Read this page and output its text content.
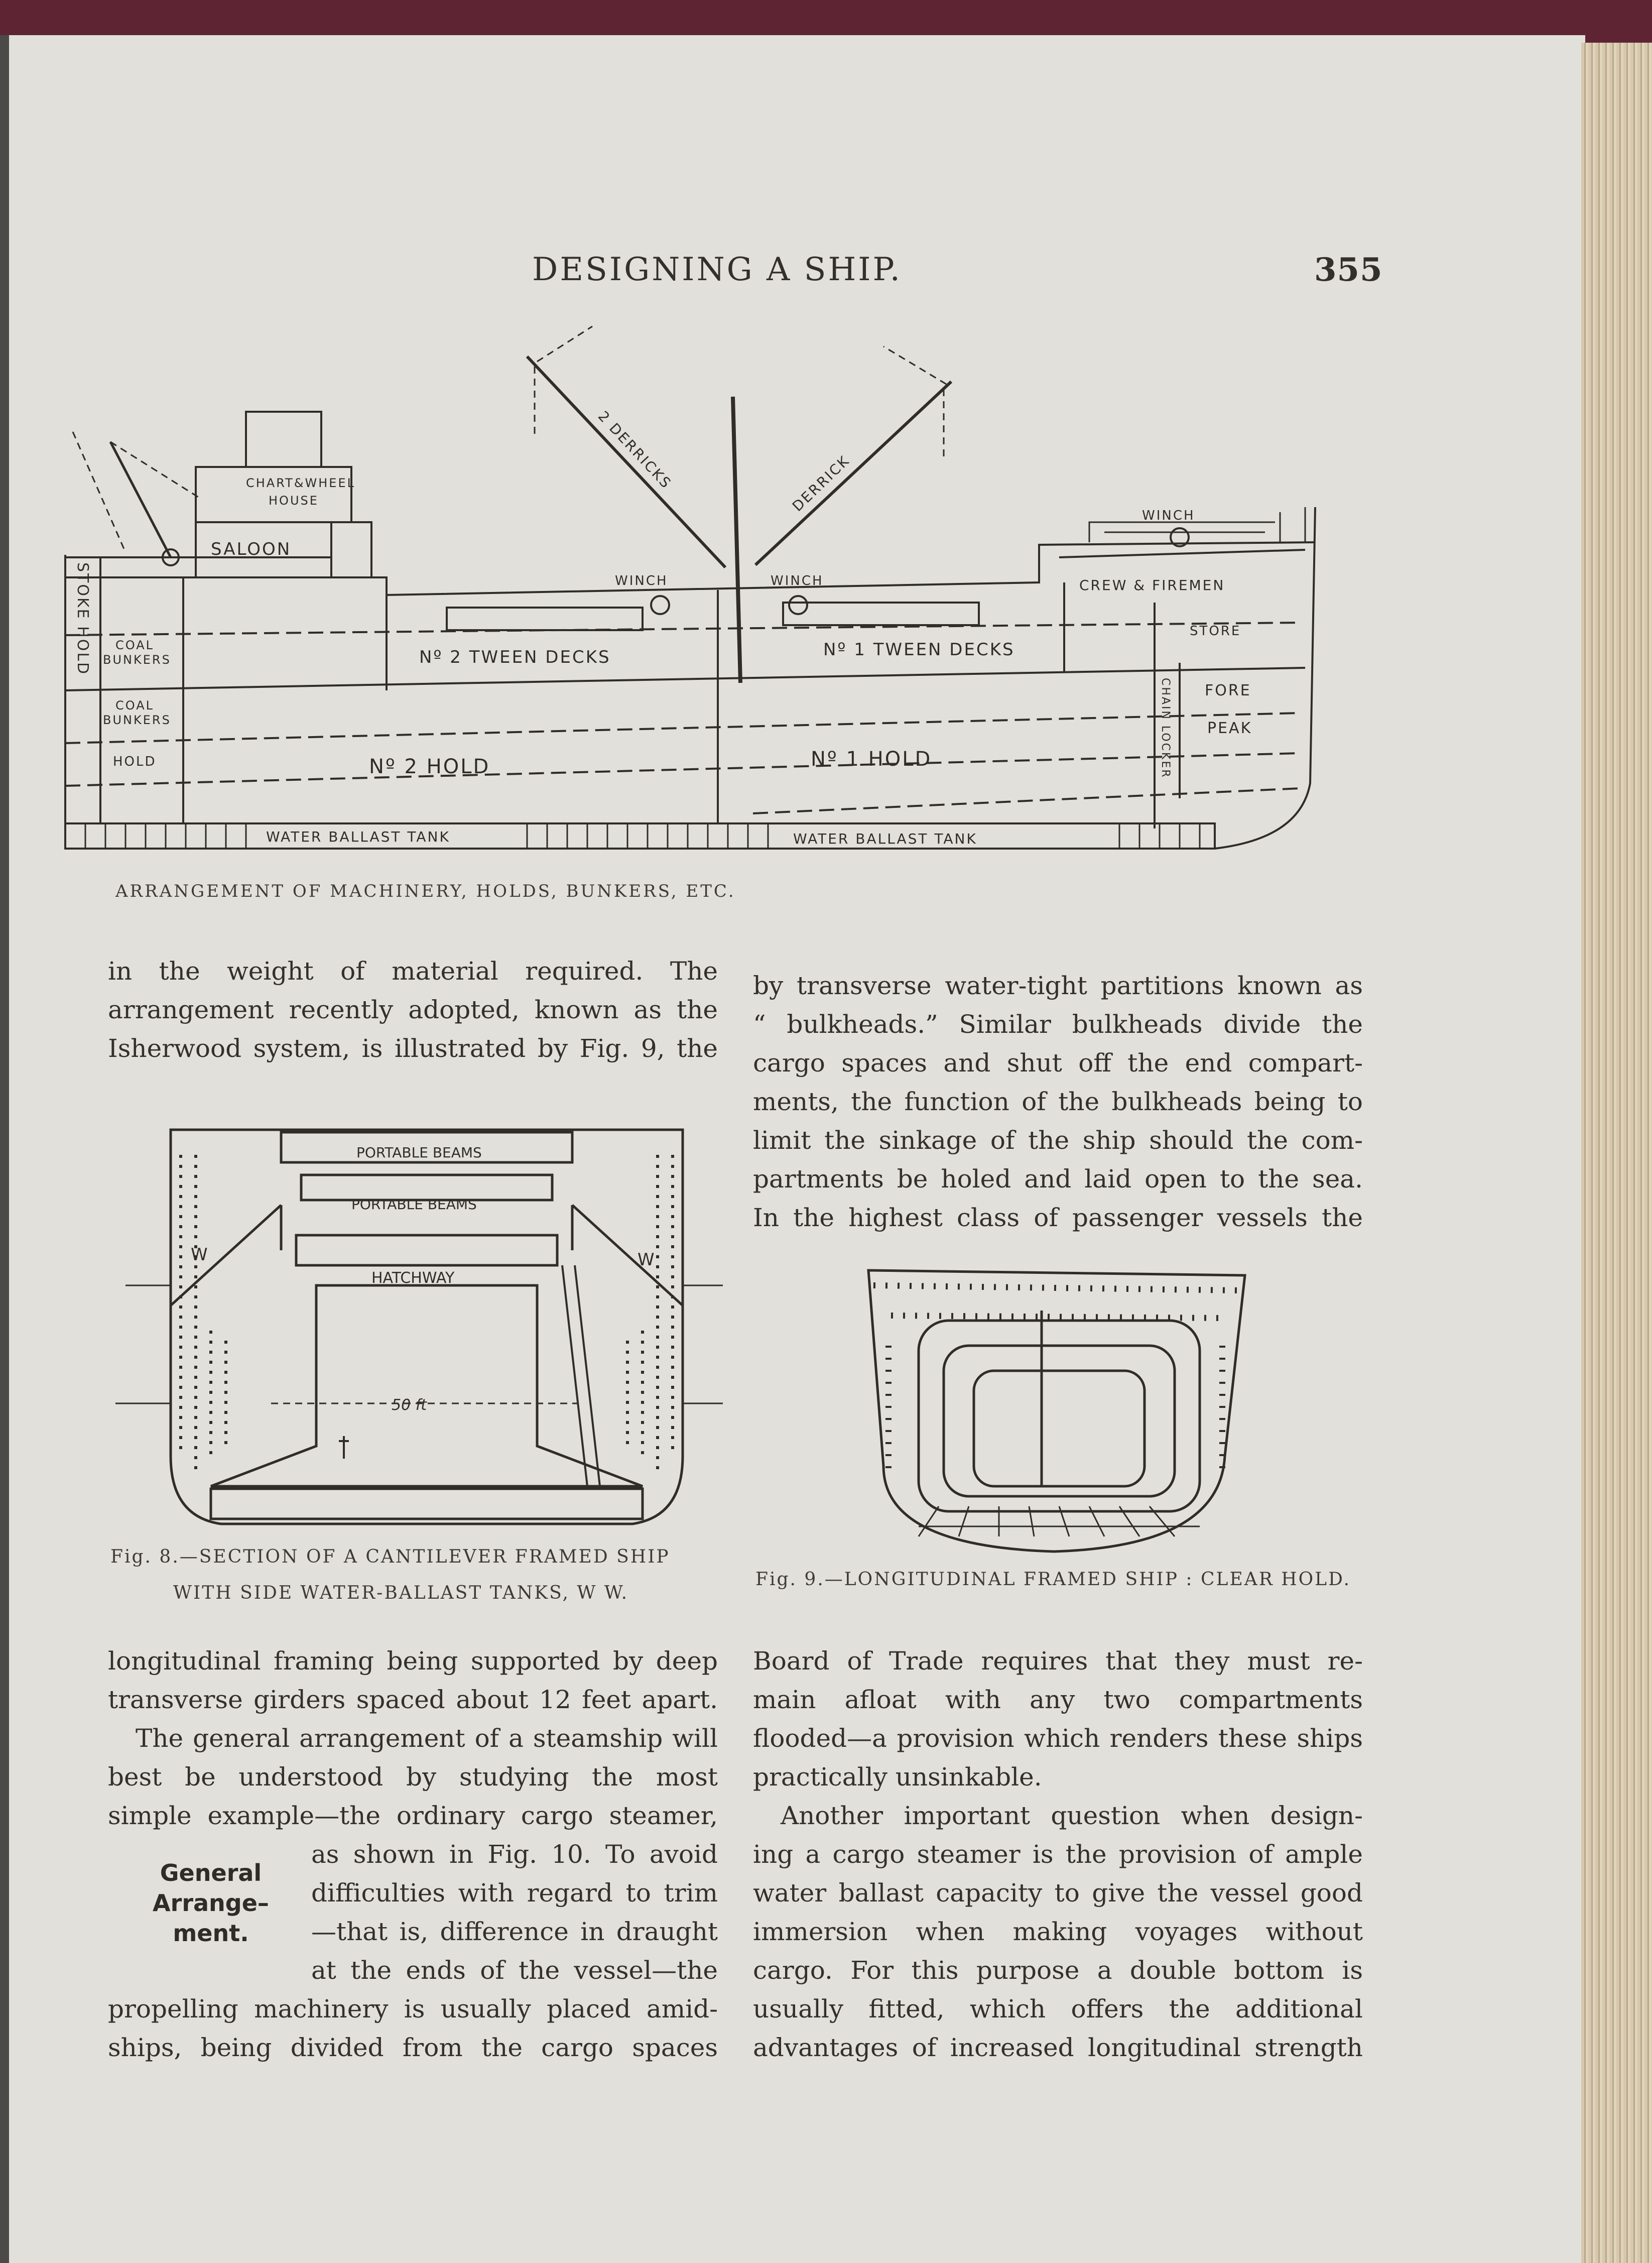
DESIGNING A SHIP.	355
STOKE HOLD
CHART&WHEEL
HOUSE
SALOON
COAL
BUNKERS
COAL
BUNKERS
HOLD
WINCH	WINCH
WINCH
2 DERRICKS	DERRICK
Nº 2 TWEEN DECKS	Nº 1 TWEEN DECKS
Nº 2 HOLD	Nº 1 HOLD
CREW & FIREMEN
STORE
FORE
PEAK
CHAIN LOCKER
WATER BALLAST TANK	WATER BALLAST TANK
PORTABLE BEAMS
PORTABLE BEAMS
HATCHWAY
W	W
50 ft
ARRANGEMENT OF MACHINERY, HOLDS, BUNKERS, ETC.
in the weight of material required. The
arrangement recently adopted, known as the
Isherwood system, is illustrated by Fig. 9, the
Fig. 8.—SECTION OF A CANTILEVER FRAMED SHIP
WITH SIDE WATER-BALLAST TANKS, W W.
longitudinal framing being supported by deep
transverse girders spaced about 12 feet apart.
The general arrangement of a steamship will
best be understood by studying the most
simple example—the ordinary cargo steamer,
as shown in Fig. 10. To avoid
difficulties with regard to trim
—that is, difference in draught
at the ends of the vessel—the
propelling machinery is usually placed amid-
ships, being divided from the cargo spaces
General
Arrange–
ment.
by transverse water-tight partitions known as
“ bulkheads.” Similar bulkheads divide the
cargo spaces and shut off the end compart-
ments, the function of the bulkheads being to
limit the sinkage of the ship should the com-
partments be holed and laid open to the sea.
In the highest class of passenger vessels the
Fig. 9.—LONGITUDINAL FRAMED SHIP : CLEAR HOLD.
Board of Trade requires that they must re-
main afloat with any two compartments
flooded—a provision which renders these ships
practically unsinkable.
Another important question when design-
ing a cargo steamer is the provision of ample
water ballast capacity to give the vessel good
immersion when making voyages without
cargo. For this purpose a double bottom is
usually fitted, which offers the additional
advantages of increased longitudinal strength
